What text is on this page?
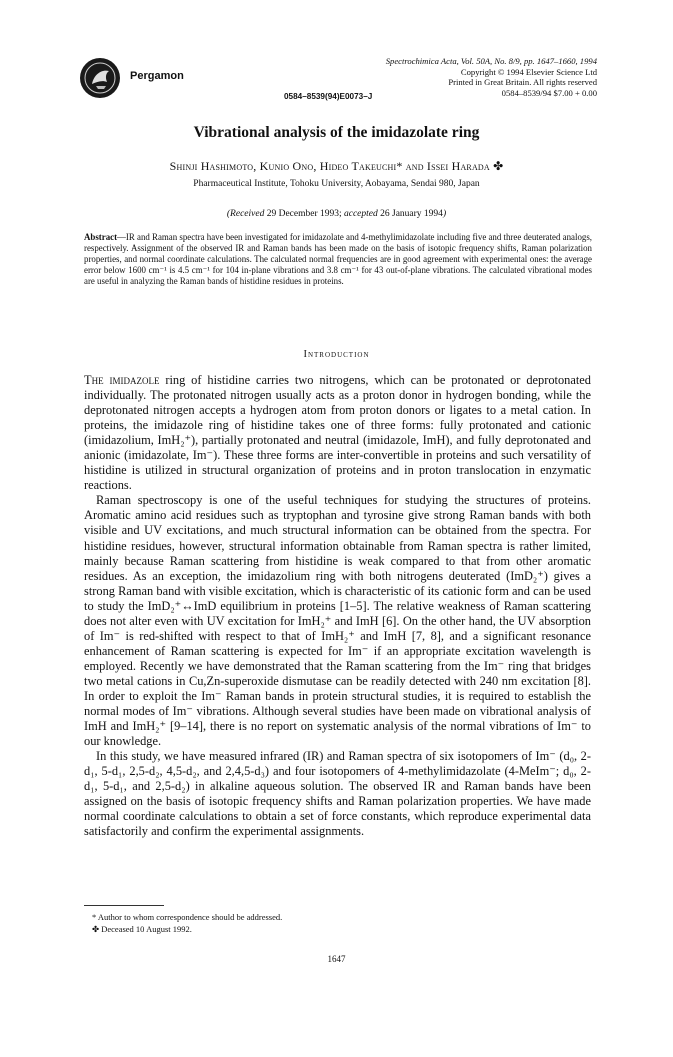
Pergamon
Spectrochimica Acta, Vol. 50A, No. 8/9, pp. 1647–1660, 1994
Copyright © 1994 Elsevier Science Ltd
Printed in Great Britain. All rights reserved
0584–8539/94 $7.00 + 0.00
0584–8539(94)E0073–J
Vibrational analysis of the imidazolate ring
Shinji Hashimoto, Kunio Ono, Hideo Takeuchi* and Issei Harada ✤
Pharmaceutical Institute, Tohoku University, Aobayama, Sendai 980, Japan
(Received 29 December 1993; accepted 26 January 1994)
Abstract—IR and Raman spectra have been investigated for imidazolate and 4-methylimidazolate including five and three deuterated analogs, respectively. Assignment of the observed IR and Raman bands has been made on the basis of isotopic frequency shifts, Raman polarization properties, and normal coordinate calculations. The calculated normal frequencies are in good agreement with experimental ones: the average error below 1600 cm⁻¹ is 4.5 cm⁻¹ for 104 in-plane vibrations and 3.8 cm⁻¹ for 43 out-of-plane vibrations. The calculated vibrational modes are useful in analyzing the Raman bands of histidine residues in proteins.
Introduction

The imidazole ring of histidine carries two nitrogens, which can be protonated or deprotonated individually. The protonated nitrogen usually acts as a proton donor in hydrogen bonding, while the deprotonated nitrogen accepts a hydrogen atom from proton donors or ligates to a metal cation. In proteins, the imidazole ring of histidine takes one of three forms: fully protonated and cationic (imidazolium, ImH₂⁺), partially protonated and neutral (imidazole, ImH), and fully deprotonated and anionic (imidazolate, Im⁻). These three forms are inter-convertible in proteins and such versatility of histidine is utilized in structural organization of proteins and in proton translocation in enzymatic reactions.

Raman spectroscopy is one of the useful techniques for studying the structures of proteins. Aromatic amino acid residues such as tryptophan and tyrosine give strong Raman bands with both visible and UV excitations, and much structural information can be obtained from the spectra. For histidine residues, however, structural information obtainable from Raman spectra is rather limited, mainly because Raman scattering from histidine is weak compared to that from other aromatic residues. As an exception, the imidazolium ring with both nitrogens deuterated (ImD₂⁺) gives a strong Raman band with visible excitation, which is characteristic of its cationic form and can be used to study the ImD₂⁺↔ImD equilibrium in proteins [1–5]. The relative weakness of Raman scattering does not alter even with UV excitation for ImH₂⁺ and ImH [6]. On the other hand, the UV absorption of Im⁻ is red-shifted with respect to that of ImH₂⁺ and ImH [7, 8], and a significant resonance enhancement of Raman scattering is expected for Im⁻ if an appropriate excitation wavelength is employed. Recently we have demonstrated that the Raman scattering from the Im⁻ ring that bridges two metal cations in Cu,Zn-superoxide dismutase can be readily detected with 240 nm excitation [8]. In order to exploit the Im⁻ Raman bands in protein structural studies, it is required to establish the normal modes of Im⁻ vibrations. Although several studies have been made on vibrational analysis of ImH and ImH₂⁺ [9–14], there is no report on systematic analysis of the normal vibrations of Im⁻ to our knowledge.

In this study, we have measured infrared (IR) and Raman spectra of six isotopomers of Im⁻ (d₀, 2-d₁, 5-d₁, 2,5-d₂, 4,5-d₂, and 2,4,5-d₃) and four isotopomers of 4-methylimidazolate (4-MeIm⁻; d₀, 2-d₁, 5-d₁, and 2,5-d₂) in alkaline aqueous solution. The observed IR and Raman bands have been assigned on the basis of isotopic frequency shifts and Raman polarization properties. We have made normal coordinate calculations to obtain a set of force constants, which reproduce experimental data satisfactorily and confirm the experimental assignments.

* Author to whom correspondence should be addressed.
✤ Deceased 10 August 1992.
1647
